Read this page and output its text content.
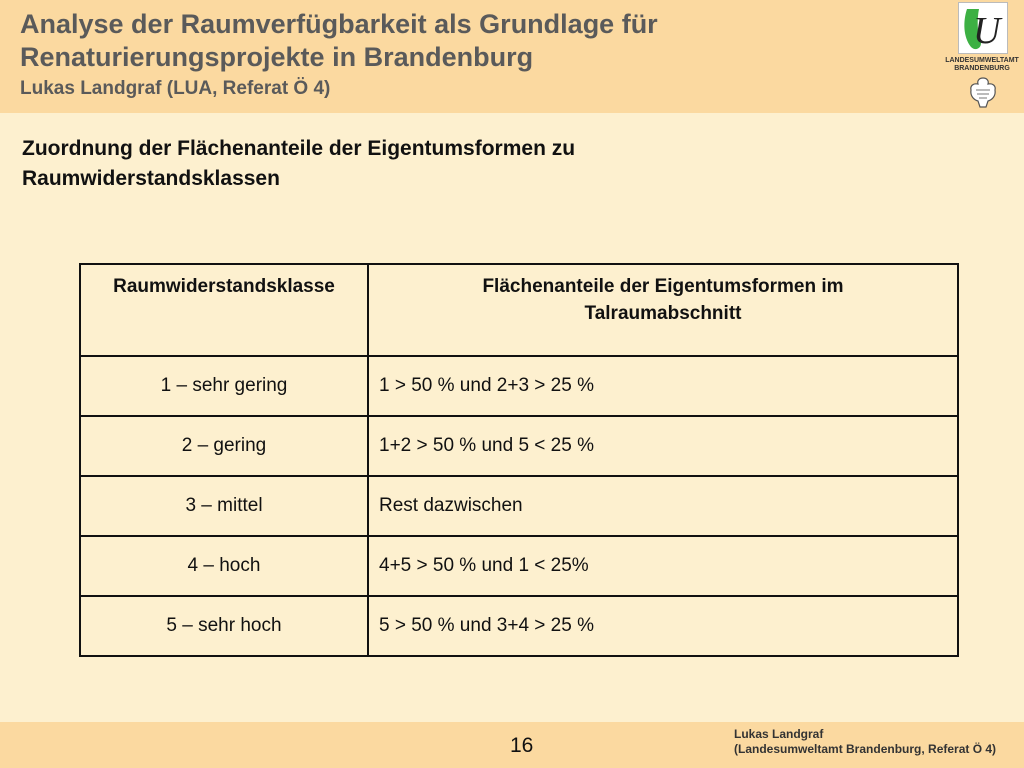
Analyse der Raumverfügbarkeit als Grundlage für
Renaturierungsprojekte in Brandenburg
Lukas Landgraf (LUA, Referat Ö 4)
U
LANDESUMWELTAMT
BRANDENBURG
Zuordnung der Flächenanteile der Eigentumsformen zu
Raumwiderstandsklassen
Raumwiderstandsklasse	Flächenanteile der Eigentumsformen im
Talraumabschnitt

1 – sehr gering	1 > 50 % und 2+3 > 25 %
2 – gering	1+2 > 50 % und 5 < 25 %
3 – mittel	Rest dazwischen
4 – hoch	4+5 > 50 % und 1 < 25%
5 – sehr hoch	5 > 50 % und 3+4 > 25 %
16	Lukas Landgraf
(Landesumweltamt Brandenburg, Referat Ö 4)
